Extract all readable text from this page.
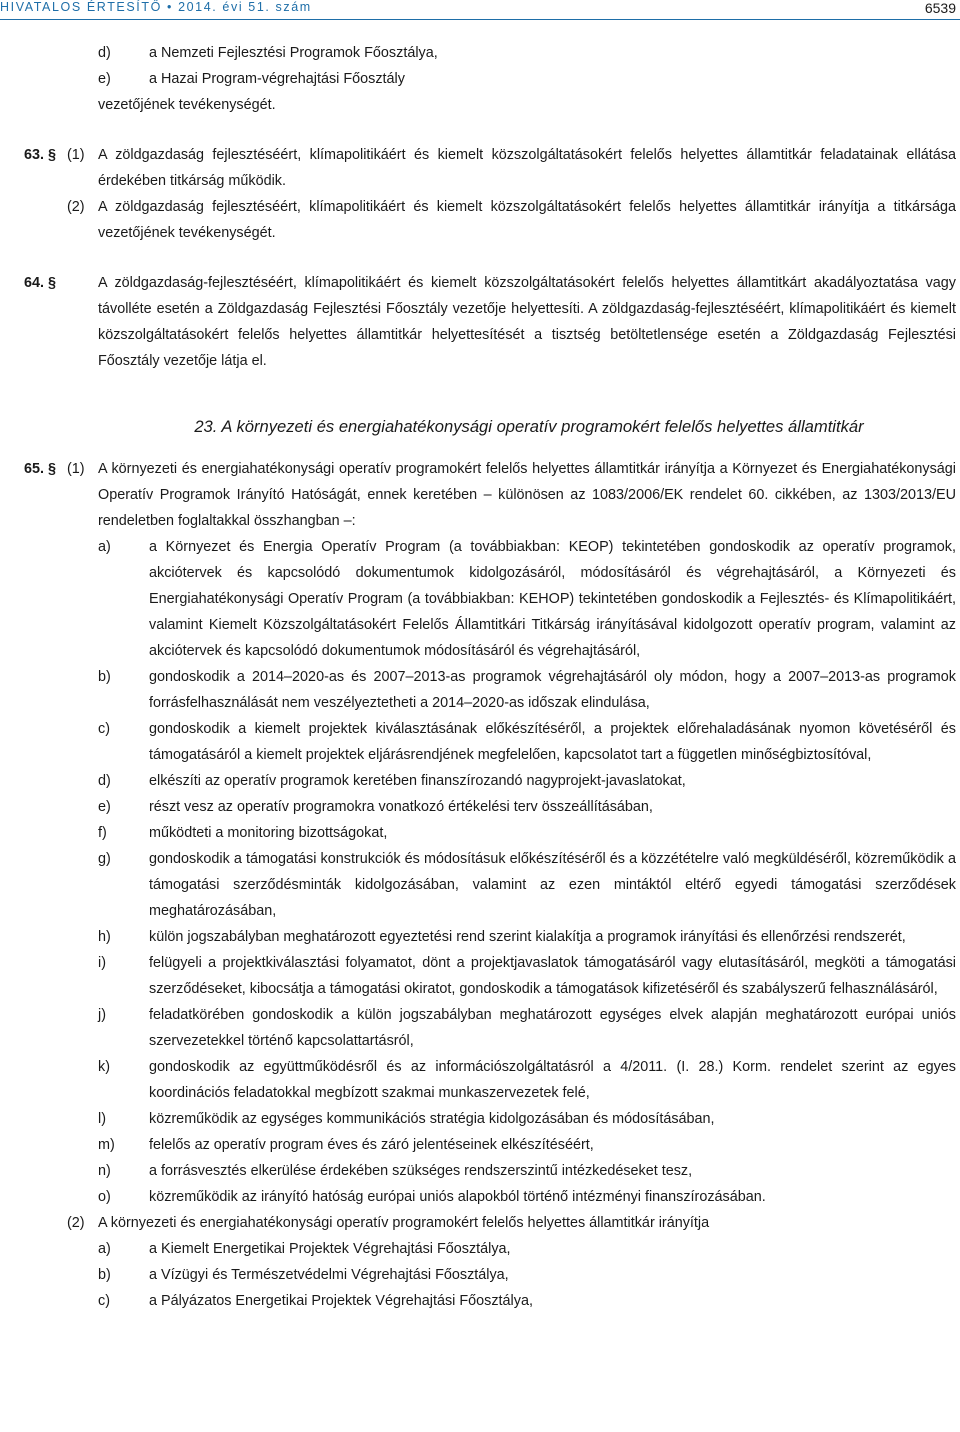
HIVATALOS ÉRTESÍTŐ • 2014. évi 51. szám	6539
d)	a Nemzeti Fejlesztési Programok Főosztálya,
e)	a Hazai Program-végrehajtási Főosztály
vezetőjének tevékenységét.
63. § (1) A zöldgazdaság fejlesztéséért, klímapolitikáért és kiemelt közszolgáltatásokért felelős helyettes államtitkár feladatainak ellátása érdekében titkárság működik.
(2) A zöldgazdaság fejlesztéséért, klímapolitikáért és kiemelt közszolgáltatásokért felelős helyettes államtitkár irányítja a titkársága vezetőjének tevékenységét.
64. §	A zöldgazdaság-fejlesztéséért, klímapolitikáért és kiemelt közszolgáltatásokért felelős helyettes államtitkárt akadályoztatása vagy távolléte esetén a Zöldgazdaság Fejlesztési Főosztály vezetője helyettesíti. A zöldgazdaság-fejlesztéséért, klímapolitikáért és kiemelt közszolgáltatásokért felelős helyettes államtitkár helyettesítését a tisztség betöltetlensége esetén a Zöldgazdaság Fejlesztési Főosztály vezetője látja el.
23. A környezeti és energiahatékonysági operatív programokért felelős helyettes államtitkár
65. § (1) A környezeti és energiahatékonysági operatív programokért felelős helyettes államtitkár irányítja a Környezet és Energiahatékonysági Operatív Programok Irányító Hatóságát, ennek keretében – különösen az 1083/2006/EK rendelet 60. cikkében, az 1303/2013/EU rendeletben foglaltakkal összhangban –:
a)	a Környezet és Energia Operatív Program (a továbbiakban: KEOP) tekintetében gondoskodik az operatív programok, akciótervek és kapcsolódó dokumentumok kidolgozásáról, módosításáról és végrehajtásáról, a Környezeti és Energiahatékonysági Operatív Program (a továbbiakban: KEHOP) tekintetében gondoskodik a Fejlesztés- és Klímapolitikáért, valamint Kiemelt Közszolgáltatásokért Felelős Államtitkári Titkárság irányításával kidolgozott operatív program, valamint az akciótervek és kapcsolódó dokumentumok módosításáról és végrehajtásáról,
b)	gondoskodik a 2014–2020-as és 2007–2013-as programok végrehajtásáról oly módon, hogy a 2007–2013-as programok forrásfelhasználását nem veszélyeztetheti a 2014–2020-as időszak elindulása,
c)	gondoskodik a kiemelt projektek kiválasztásának előkészítéséről, a projektek előrehaladásának nyomon követéséről és támogatásáról a kiemelt projektek eljárásrendjének megfelelően, kapcsolatot tart a független minőségbiztosítóval,
d)	elkészíti az operatív programok keretében finanszírozandó nagyprojekt-javaslatokat,
e)	részt vesz az operatív programokra vonatkozó értékelési terv összeállításában,
f)	működteti a monitoring bizottságokat,
g)	gondoskodik a támogatási konstrukciók és módosításuk előkészítéséről és a közzétételre való megküldéséről, közreműködik a támogatási szerződésminták kidolgozásában, valamint az ezen mintáktól eltérő egyedi támogatási szerződések meghatározásában,
h)	külön jogszabályban meghatározott egyeztetési rend szerint kialakítja a programok irányítási és ellenőrzési rendszerét,
i)	felügyeli a projektkiválasztási folyamatot, dönt a projektjavaslatok támogatásáról vagy elutasításáról, megköti a támogatási szerződéseket, kibocsátja a támogatási okiratot, gondoskodik a támogatások kifizetéséről és szabályszerű felhasználásáról,
j)	feladatkörében gondoskodik a külön jogszabályban meghatározott egységes elvek alapján meghatározott európai uniós szervezetekkel történő kapcsolattartásról,
k)	gondoskodik az együttműködésről és az információszolgáltatásról a 4/2011. (I. 28.) Korm. rendelet szerint az egyes koordinációs feladatokkal megbízott szakmai munkaszervezetek felé,
l)	közreműködik az egységes kommunikációs stratégia kidolgozásában és módosításában,
m) felelős az operatív program éves és záró jelentéseinek elkészítéséért,
n)	a forrásvesztés elkerülése érdekében szükséges rendszerszintű intézkedéseket tesz,
o)	közreműködik az irányító hatóság európai uniós alapokból történő intézményi finanszírozásában.
(2) A környezeti és energiahatékonysági operatív programokért felelős helyettes államtitkár irányítja
a)	a Kiemelt Energetikai Projektek Végrehajtási Főosztálya,
b)	a Vízügyi és Természetvédelmi Végrehajtási Főosztálya,
c)	a Pályázatos Energetikai Projektek Végrehajtási Főosztálya,
